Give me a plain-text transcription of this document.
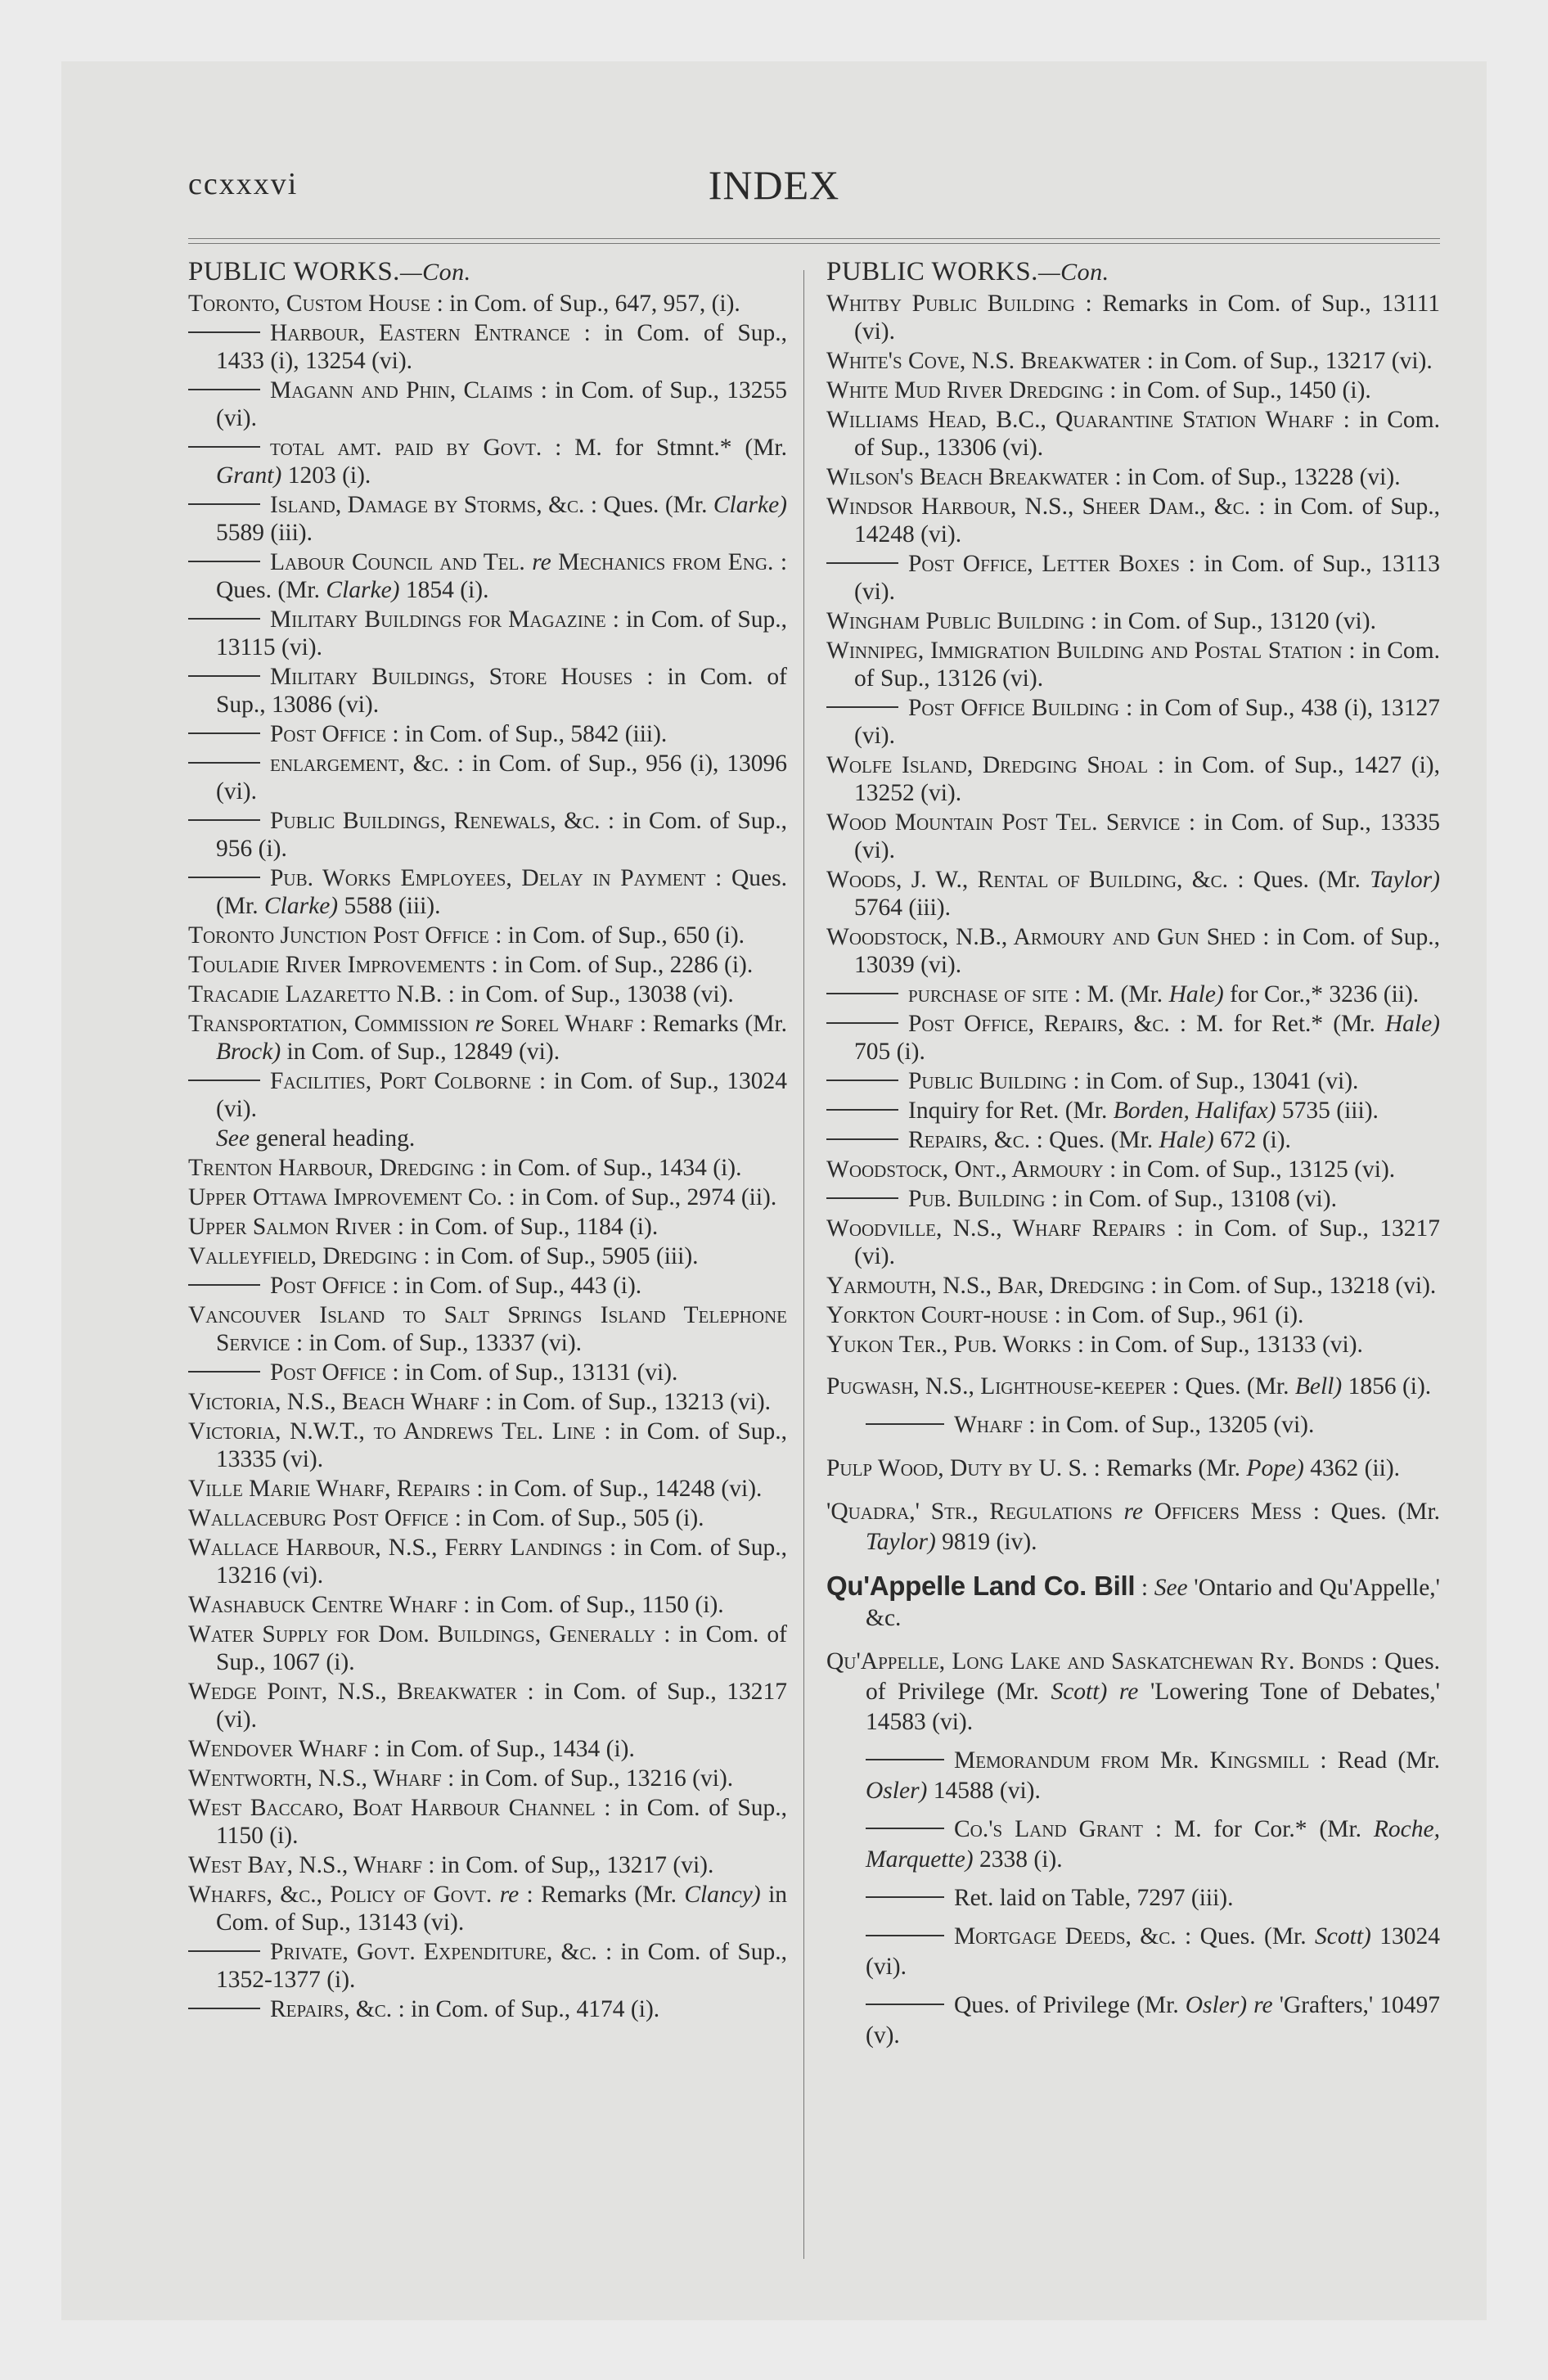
ccxxxvi	INDEX
PUBLIC WORKS.—Con.
Toronto, Custom House : in Com. of Sup., 647, 957, (i).
Harbour, Eastern Entrance : in Com. of Sup., 1433 (i), 13254 (vi).
Magann and Phin, Claims : in Com. of Sup., 13255 (vi).
total amt. paid by Govt. : M. for Stmnt.* (Mr. Grant) 1203 (i).
Island, Damage by Storms, &c. : Ques. (Mr. Clarke) 5589 (iii).
Labour Council and Tel. re Mechanics from Eng. : Ques. (Mr. Clarke) 1854 (i).
Military Buildings for Magazine : in Com. of Sup., 13115 (vi).
Military Buildings, Store Houses : in Com. of Sup., 13086 (vi).
Post Office : in Com. of Sup., 5842 (iii).
enlargement, &c. : in Com. of Sup., 956 (i), 13096 (vi).
Public Buildings, Renewals, &c. : in Com. of Sup., 956 (i).
Pub. Works Employees, Delay in Payment : Ques. (Mr. Clarke) 5588 (iii).
Toronto Junction Post Office : in Com. of Sup., 650 (i).
Touladie River Improvements : in Com. of Sup., 2286 (i).
Tracadie Lazaretto N.B. : in Com. of Sup., 13038 (vi).
Transportation, Commission re Sorel Wharf : Remarks (Mr. Brock) in Com. of Sup., 12849 (vi).
Facilities, Port Colborne : in Com. of Sup., 13024 (vi).
See general heading.
Trenton Harbour, Dredging : in Com. of Sup., 1434 (i).
Upper Ottawa Improvement Co. : in Com. of Sup., 2974 (ii).
Upper Salmon River : in Com. of Sup., 1184 (i).
Valleyfield, Dredging : in Com. of Sup., 5905 (iii).
Post Office : in Com. of Sup., 443 (i).
Vancouver Island to Salt Springs Island Telephone Service : in Com. of Sup., 13337 (vi).
Post Office : in Com. of Sup., 13131 (vi).
Victoria, N.S., Beach Wharf : in Com. of Sup., 13213 (vi).
Victoria, N.W.T., to Andrews Tel. Line : in Com. of Sup., 13335 (vi).
Ville Marie Wharf, Repairs : in Com. of Sup., 14248 (vi).
Wallaceburg Post Office : in Com. of Sup., 505 (i).
Wallace Harbour, N.S., Ferry Landings : in Com. of Sup., 13216 (vi).
Washabuck Centre Wharf : in Com. of Sup., 1150 (i).
Water Supply for Dom. Buildings, Generally : in Com. of Sup., 1067 (i).
Wedge Point, N.S., Breakwater : in Com. of Sup., 13217 (vi).
Wendover Wharf : in Com. of Sup., 1434 (i).
Wentworth, N.S., Wharf : in Com. of Sup., 13216 (vi).
West Baccaro, Boat Harbour Channel : in Com. of Sup., 1150 (i).
West Bay, N.S., Wharf : in Com. of Sup,, 13217 (vi).
Wharfs, &c., Policy of Govt. re : Remarks (Mr. Clancy) in Com. of Sup., 13143 (vi).
Private, Govt. Expenditure, &c. : in Com. of Sup., 1352-1377 (i).
Repairs, &c. : in Com. of Sup., 4174 (i).
PUBLIC WORKS.—Con.
Whitby Public Building : Remarks in Com. of Sup., 13111 (vi).
White's Cove, N.S. Breakwater : in Com. of Sup., 13217 (vi).
White Mud River Dredging : in Com. of Sup., 1450 (i).
Williams Head, B.C., Quarantine Station Wharf : in Com. of Sup., 13306 (vi).
Wilson's Beach Breakwater : in Com. of Sup., 13228 (vi).
Windsor Harbour, N.S., Sheer Dam., &c. : in Com. of Sup., 14248 (vi).
Post Office, Letter Boxes : in Com. of Sup., 13113 (vi).
Wingham Public Building : in Com. of Sup., 13120 (vi).
Winnipeg, Immigration Building and Postal Station : in Com. of Sup., 13126 (vi).
Post Office Building : in Com of Sup., 438 (i), 13127 (vi).
Wolfe Island, Dredging Shoal : in Com. of Sup., 1427 (i), 13252 (vi).
Wood Mountain Post Tel. Service : in Com. of Sup., 13335 (vi).
Woods, J. W., Rental of Building, &c. : Ques. (Mr. Taylor) 5764 (iii).
Woodstock, N.B., Armoury and Gun Shed : in Com. of Sup., 13039 (vi).
purchase of site : M. (Mr. Hale) for Cor.,* 3236 (ii).
Post Office, Repairs, &c. : M. for Ret.* (Mr. Hale) 705 (i).
Public Building : in Com. of Sup., 13041 (vi).
Inquiry for Ret. (Mr. Borden, Halifax) 5735 (iii).
Repairs, &c. : Ques. (Mr. Hale) 672 (i).
Woodstock, Ont., Armoury : in Com. of Sup., 13125 (vi).
Pub. Building : in Com. of Sup., 13108 (vi).
Woodville, N.S., Wharf Repairs : in Com. of Sup., 13217 (vi).
Yarmouth, N.S., Bar, Dredging : in Com. of Sup., 13218 (vi).
Yorkton Court-house : in Com. of Sup., 961 (i).
Yukon Ter., Pub. Works : in Com. of Sup., 13133 (vi).
Pugwash, N.S., Lighthouse-keeper : Ques. (Mr. Bell) 1856 (i).
Wharf : in Com. of Sup., 13205 (vi).
Pulp Wood, Duty by U. S. : Remarks (Mr. Pope) 4362 (ii).
'Quadra,' Str., Regulations re Officers Mess : Ques. (Mr. Taylor) 9819 (iv).
Qu'Appelle Land Co. Bill : See 'Ontario and Qu'Appelle,' &c.
Qu'Appelle, Long Lake and Saskatchewan Ry. Bonds : Ques. of Privilege (Mr. Scott) re 'Lowering Tone of Debates,' 14583 (vi).
Memorandum from Mr. Kingsmill : Read (Mr. Osler) 14588 (vi).
Co.'s Land Grant : M. for Cor.* (Mr. Roche, Marquette) 2338 (i).
Ret. laid on Table, 7297 (iii).
Mortgage Deeds, &c. : Ques. (Mr. Scott) 13024 (vi).
Ques. of Privilege (Mr. Osler) re 'Grafters,' 10497 (v).
